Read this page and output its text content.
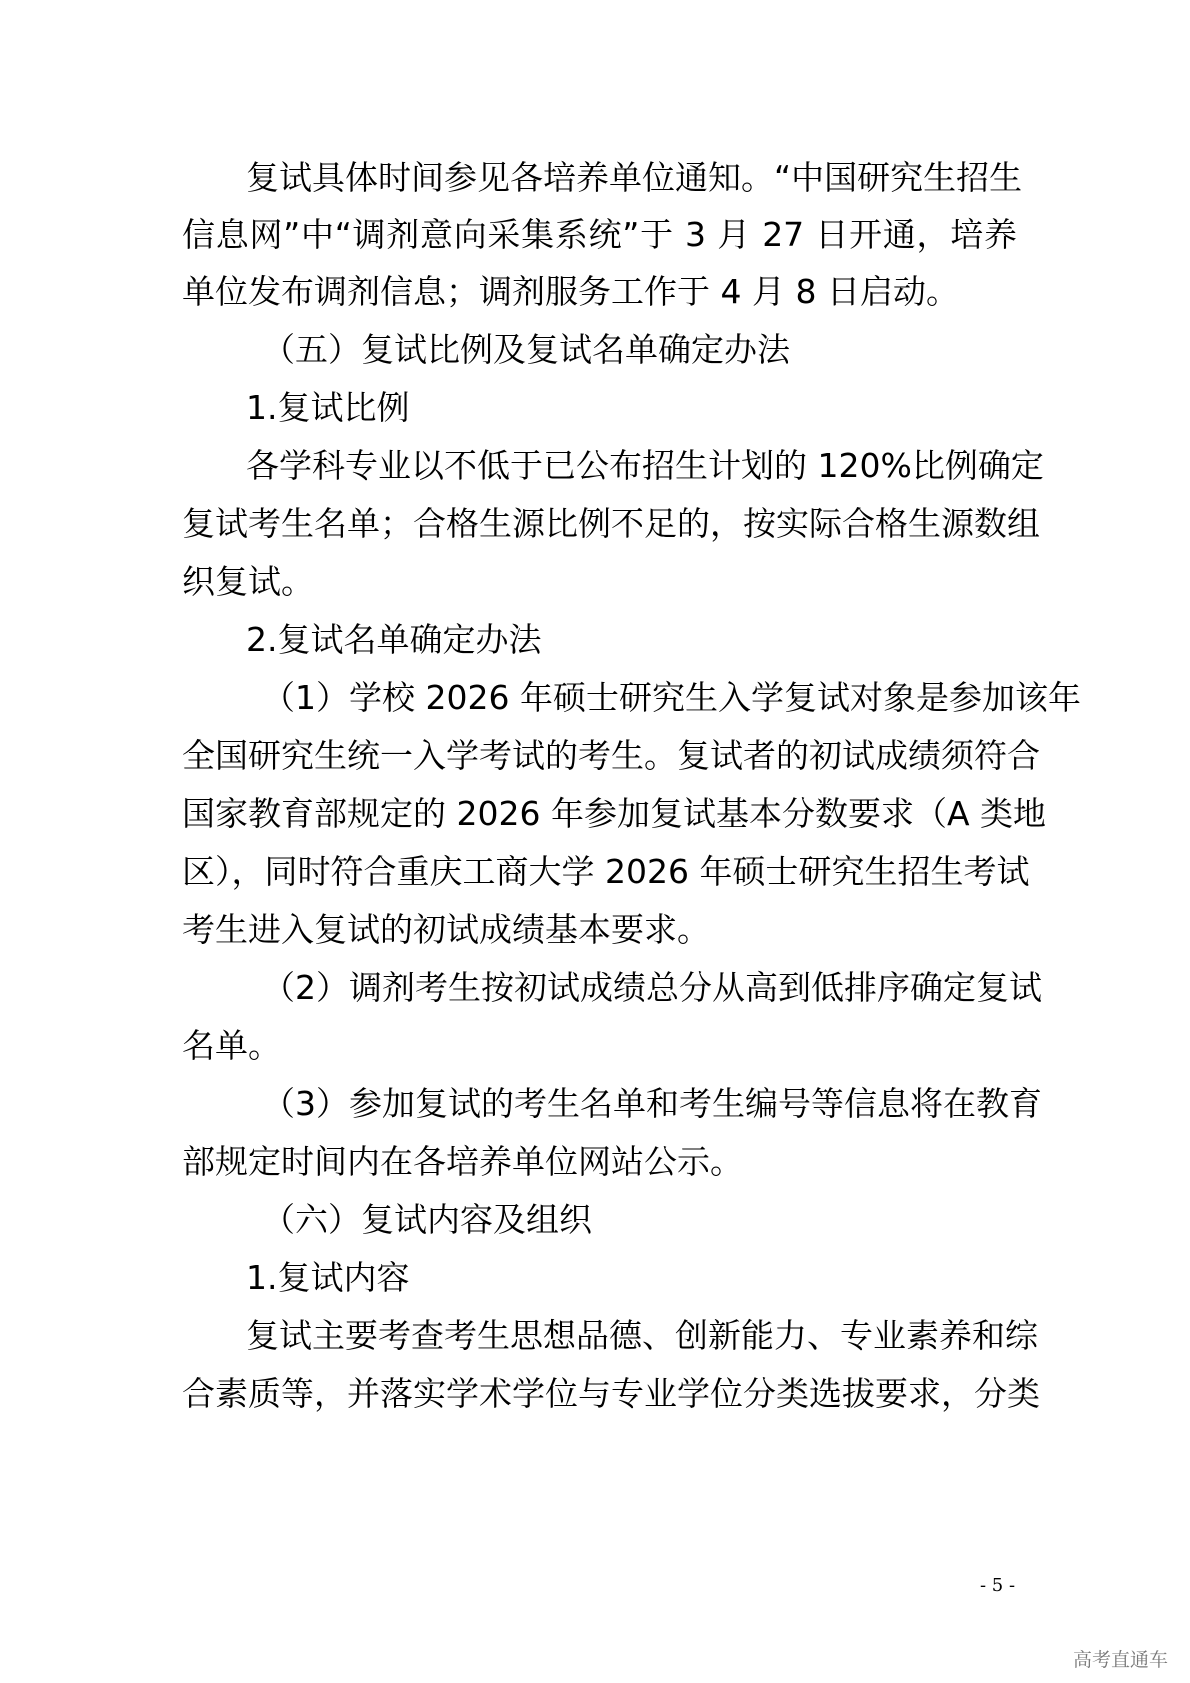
复试具体时间参见各培养单位通知。“中国研究生招生
信息网”中“调剂意向采集系统”于 3 月 27 日开通，培养
单位发布调剂信息；调剂服务工作于 4 月 8 日启动。
（五）复试比例及复试名单确定办法
1.复试比例
各学科专业以不低于已公布招生计划的 120%比例确定
复试考生名单；合格生源比例不足的，按实际合格生源数组
织复试。
2.复试名单确定办法
（1）学校 2026 年硕士研究生入学复试对象是参加该年
全国研究生统一入学考试的考生。复试者的初试成绩须符合
国家教育部规定的 2026 年参加复试基本分数要求（A 类地
区），同时符合重庆工商大学 2026 年硕士研究生招生考试
考生进入复试的初试成绩基本要求。
（2）调剂考生按初试成绩总分从高到低排序确定复试
名单。
（3）参加复试的考生名单和考生编号等信息将在教育
部规定时间内在各培养单位网站公示。
（六）复试内容及组织
1.复试内容
复试主要考查考生思想品德、创新能力、专业素养和综
合素质等，并落实学术学位与专业学位分类选拔要求，分类
- 5 -
高考直通车
